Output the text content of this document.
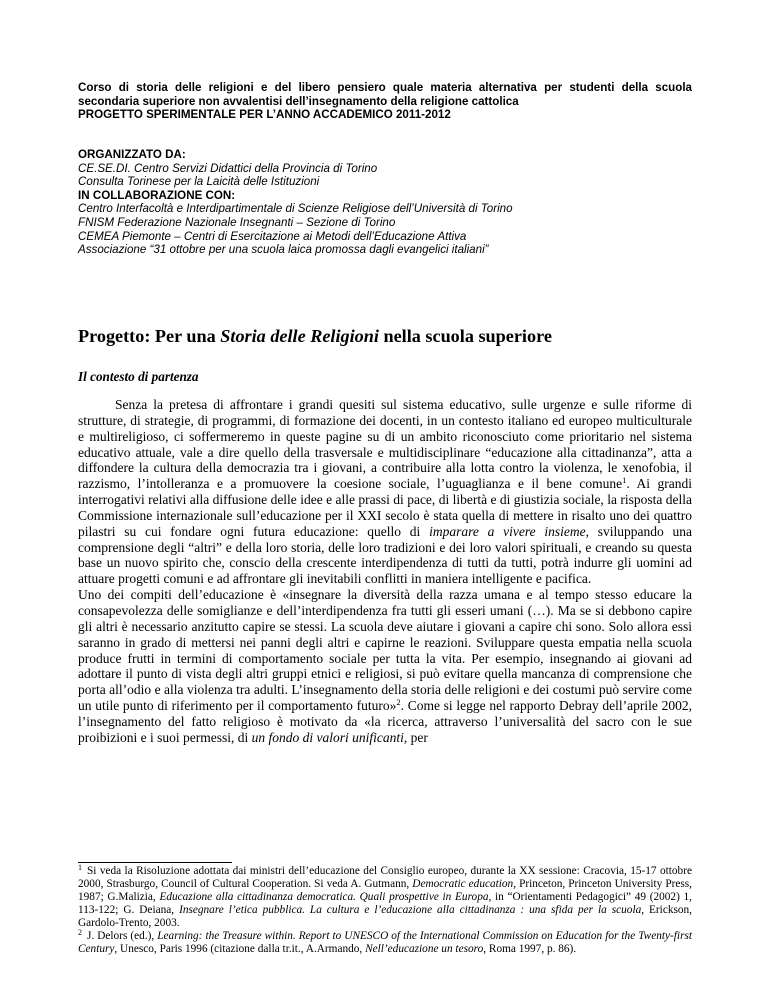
Corso di storia delle religioni e del libero pensiero quale materia alternativa per studenti della scuola secondaria superiore non avvalentisi dell’insegnamento della religione cattolica

PROGETTO SPERIMENTALE PER L’ANNO ACCADEMICO 2011-2012

ORGANIZZATO DA:
CE.SE.DI. Centro Servizi Didattici della Provincia di Torino
Consulta Torinese per la Laicità delle Istituzioni
IN COLLABORAZIONE CON:
Centro Interfacoltà e Interdipartimentale di Scienze Religiose dell’Università di Torino
FNISM Federazione Nazionale Insegnanti – Sezione di Torino
CEMEA Piemonte – Centri di Esercitazione ai Metodi dell’Educazione Attiva
Associazione “31 ottobre per una scuola laica promossa dagli evangelici italiani”
Progetto: Per una Storia delle Religioni nella scuola superiore
Il contesto di partenza

Senza la pretesa di affrontare i grandi quesiti sul sistema educativo, sulle urgenze e sulle riforme di strutture, di strategie, di programmi, di formazione dei docenti, in un contesto italiano ed europeo multiculturale e multireligioso, ci soffermeremo in queste pagine su di un ambito riconosciuto come prioritario nel sistema educativo attuale, vale a dire quello della trasversale e multidisciplinare “educazione alla cittadinanza”, atta a diffondere la cultura della democrazia tra i giovani, a contribuire alla lotta contro la violenza, le xenofobia, il razzismo, l’intolleranza e a promuovere la coesione sociale, l’uguaglianza e il bene comune$^1$. Ai grandi interrogativi relativi alla diffusione delle idee e alle prassi di pace, di libertà e di giustizia sociale, la risposta della Commissione internazionale sull’educazione per il XXI secolo è stata quella di mettere in risalto uno dei quattro pilastri su cui fondare ogni futura educazione: quello di imparare a vivere insieme, sviluppando una comprensione degli “altri” e della loro storia, delle loro tradizioni e dei loro valori spirituali, e creando su questa base un nuovo spirito che, conscio della crescente interdipendenza di tutti da tutti, potrà indurre gli uomini ad attuare progetti comuni e ad affrontare gli inevitabili conflitti in maniera intelligente e pacifica.

Uno dei compiti dell’educazione è «insegnare la diversità della razza umana e al tempo stesso educare la consapevolezza delle somiglianze e dell’interdipendenza fra tutti gli esseri umani (…). Ma se si debbono capire gli altri è necessario anzitutto capire se stessi. La scuola deve aiutare i giovani a capire chi sono. Solo allora essi saranno in grado di mettersi nei panni degli altri e capirne le reazioni. Sviluppare questa empatia nella scuola produce frutti in termini di comportamento sociale per tutta la vita. Per esempio, insegnando ai giovani ad adottare il punto di vista degli altri gruppi etnici e religiosi, si può evitare quella mancanza di comprensione che porta all’odio e alla violenza tra adulti. L’insegnamento della storia delle religioni e dei costumi può servire come un utile punto di riferimento per il comportamento futuro»$^2$. Come si legge nel rapporto Debray dell’aprile 2002, l’insegnamento del fatto religioso è motivato da «la ricerca, attraverso l’universalità del sacro con le sue proibizioni e i suoi permessi, di un fondo di valori unificanti, per

$^1$ Si veda la Risoluzione adottata dai ministri dell’educazione del Consiglio europeo, durante la XX sessione: Cracovia, 15-17 ottobre 2000, Strasburgo, Council of Cultural Cooperation. Si veda A. Gutmann, Democratic education, Princeton, Princeton University Press, 1987; G.Malizia, Educazione alla cittadinanza democratica. Quali prospettive in Europa, in “Orientamenti Pedagogici” 49 (2002) 1, 113-122; G. Deiana, Insegnare l’etica pubblica. La cultura e l’educazione alla cittadinanza : una sfida per la scuola, Erickson, Gardolo-Trento, 2003.

$^2$ J. Delors (ed.), Learning: the Treasure within. Report to UNESCO of the International Commission on Education for the Twenty-first Century, Unesco, Paris 1996 (citazione dalla tr.it., A.Armando, Nell’educazione un tesoro, Roma 1997, p. 86).
